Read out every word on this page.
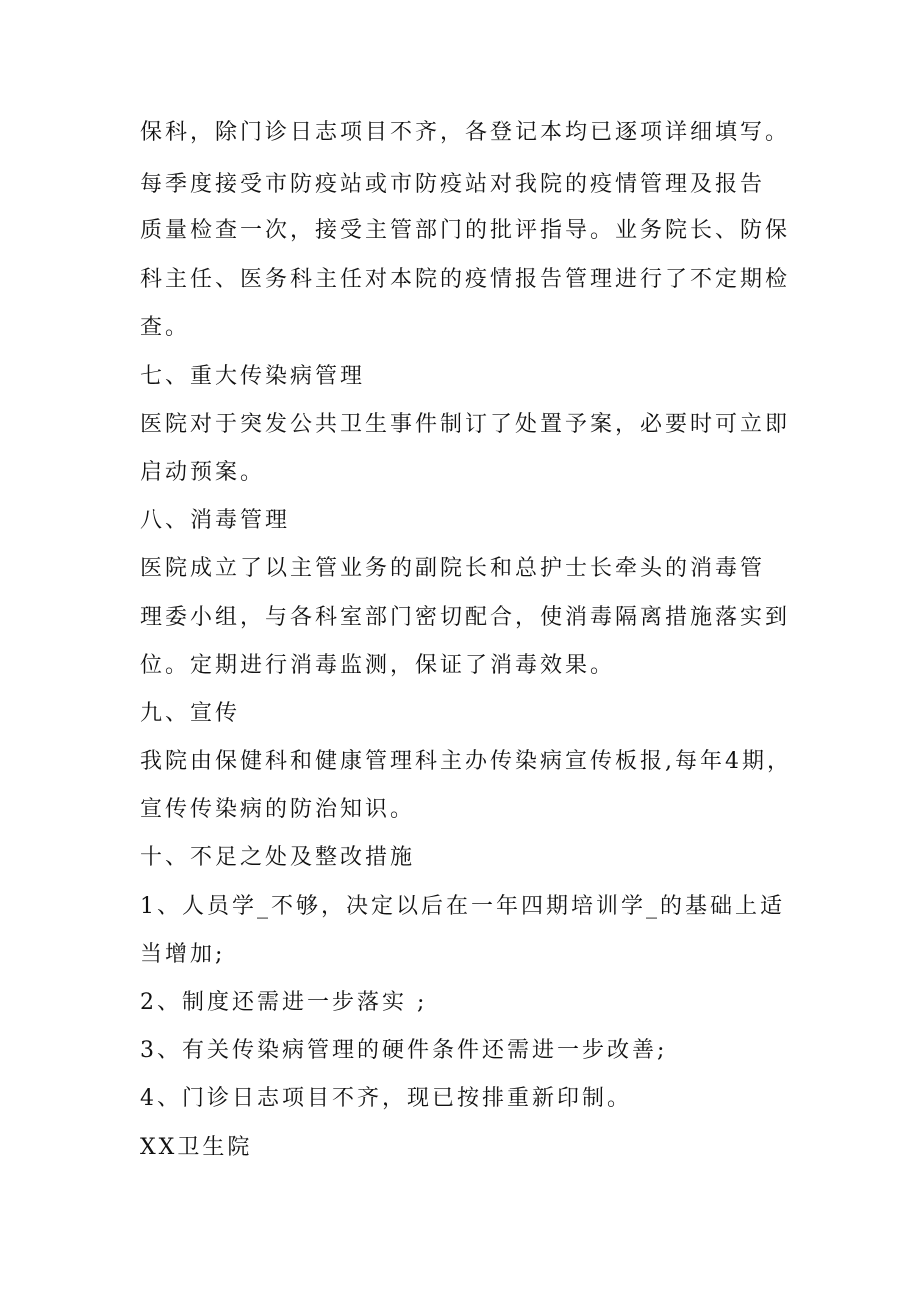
保科，除门诊日志项目不齐，各登记本均已逐项详细填写。
每季度接受市防疫站或市防疫站对我院的疫情管理及报告
质量检查一次，接受主管部门的批评指导。业务院长、防保
科主任、医务科主任对本院的疫情报告管理进行了不定期检
查。
七、重大传染病管理
医院对于突发公共卫生事件制订了处置予案，必要时可立即
启动预案。
八、消毒管理
医院成立了以主管业务的副院长和总护士长牵头的消毒管
理委小组，与各科室部门密切配合，使消毒隔离措施落实到
位。定期进行消毒监测，保证了消毒效果。
九、宣传
我院由保健科和健康管理科主办传染病宣传板报,每年4期，
宣传传染病的防治知识。
十、不足之处及整改措施
1、人员学_不够，决定以后在一年四期培训学_的基础上适
当增加;
2、制度还需进一步落实 ;
3、有关传染病管理的硬件条件还需进一步改善;
4、门诊日志项目不齐，现已按排重新印制。
XX卫生院
